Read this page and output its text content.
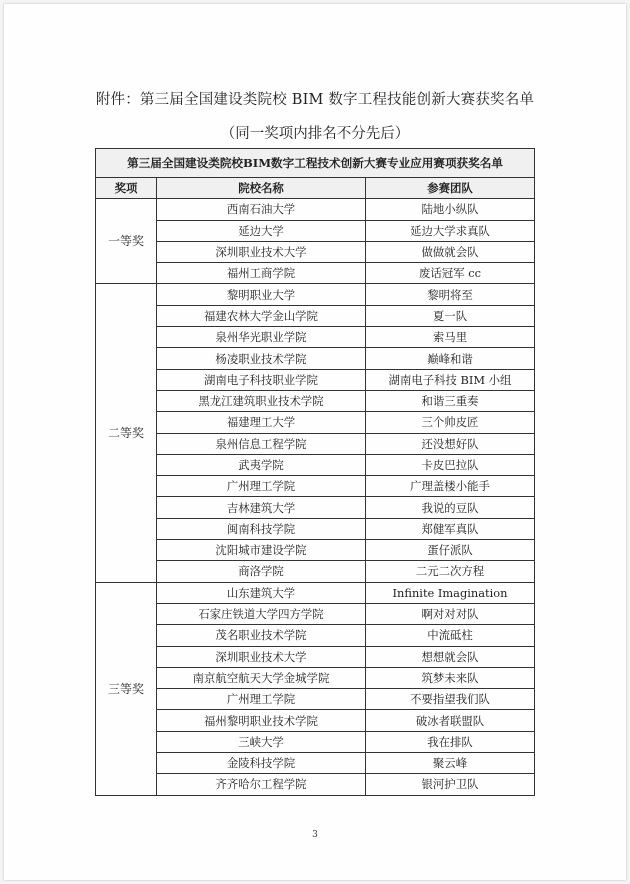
附件：第三届全国建设类院校 BIM 数字工程技能创新大赛获奖名单
（同一奖项内排名不分先后）
第三届全国建设类院校BIM数字工程技术创新大赛专业应用赛项获奖名单		
奖项	院校名称	参赛团队
一等奖	西南石油大学	陆地小纵队
	延边大学	延边大学求真队
	深圳职业技术大学	做做就会队
	福州工商学院	废话冠军 cc
二等奖	黎明职业大学	黎明将至
	福建农林大学金山学院	夏一队
	泉州华光职业学院	索马里
	杨凌职业技术学院	巅峰和谐
	湖南电子科技职业学院	湖南电子科技 BIM 小组
	黑龙江建筑职业技术学院	和谐三重奏
	福建理工大学	三个帅皮匠
	泉州信息工程学院	还没想好队
	武夷学院	卡皮巴拉队
	广州理工学院	广理盖楼小能手
	吉林建筑大学	我说的豆队
	闽南科技学院	郑健军真队
	沈阳城市建设学院	蛋仔派队
	商洛学院	二元二次方程
三等奖	山东建筑大学	Infinite Imagination
	石家庄铁道大学四方学院	啊对对对队
	茂名职业技术学院	中流砥柱
	深圳职业技术大学	想想就会队
	南京航空航天大学金城学院	筑梦未来队
	广州理工学院	不要指望我们队
	福州黎明职业技术学院	破冰者联盟队
	三峡大学	我在排队
	金陵科技学院	聚云峰
	齐齐哈尔工程学院	银河护卫队
3
